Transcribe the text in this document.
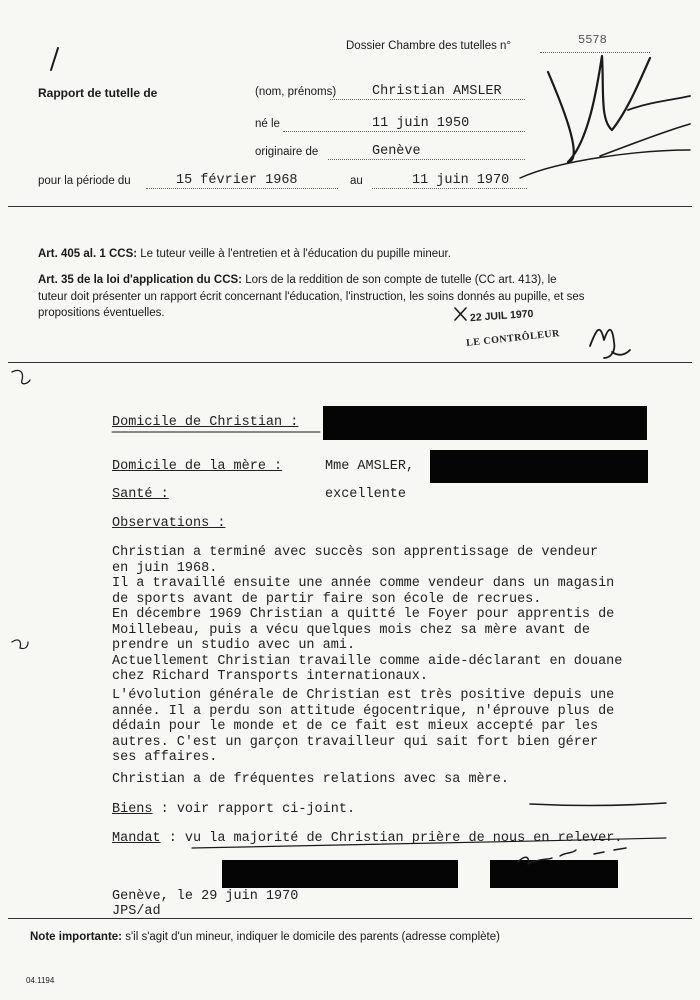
Dossier Chambre des tutelles n°	5578
Rapport de tutelle de	(nom, prénoms)	Christian AMSLER
né le	11 juin 1950
originaire de	Genève
pour la période du	15 février 1968	au	11 juin 1970
Art. 405 al. 1 CCS: Le tuteur veille à l'entretien et à l'éducation du pupille mineur.
Art. 35 de la loi d'application du CCS: Lors de la reddition de son compte de tutelle (CC art. 413), le
tuteur doit présenter un rapport écrit concernant l'éducation, l'instruction, les soins donnés au pupille, et ses
propositions éventuelles.	22 JUIL 1970
LE CONTRÔLEUR
Domicile de Christian :
Domicile de la mère :	Mme AMSLER,
Santé :	excellente
Observations :
Christian a terminé avec succès son apprentissage de vendeur
en juin 1968.
Il a travaillé ensuite une année comme vendeur dans un magasin
de sports avant de partir faire son école de recrues.
En décembre 1969 Christian a quitté le Foyer pour apprentis de
Moillebeau, puis a vécu quelques mois chez sa mère avant de
prendre un studio avec un ami.
Actuellement Christian travaille comme aide-déclarant en douane
chez Richard Transports internationaux.
L'évolution générale de Christian est très positive depuis une
année. Il a perdu son attitude égocentrique, n'éprouve plus de
dédain pour le monde et de ce fait est mieux accepté par les
autres. C'est un garçon travailleur qui sait fort bien gérer
ses affaires.
Christian a de fréquentes relations avec sa mère.
Biens : voir rapport ci-joint.
Mandat : vu la majorité de Christian prière de nous en relever.
Genève, le 29 juin 1970
JPS/ad
Note importante: s'il s'agit d'un mineur, indiquer le domicile des parents (adresse complète)
04.1194
